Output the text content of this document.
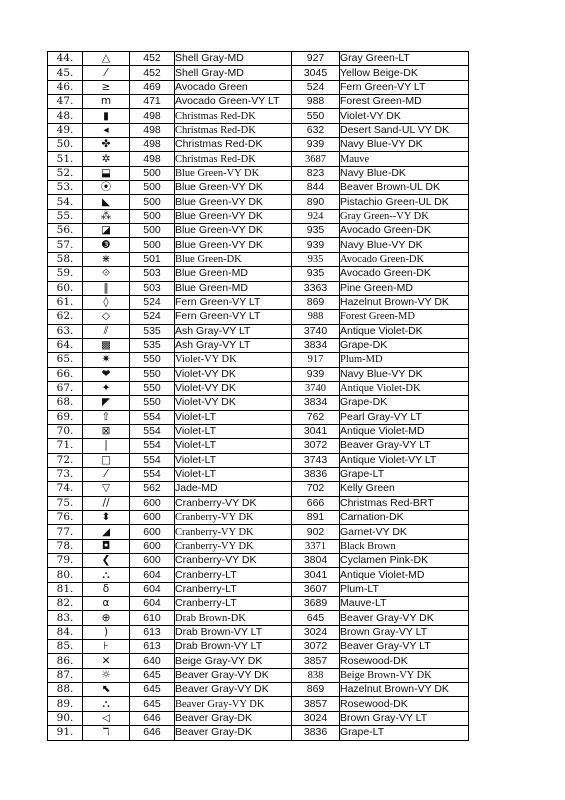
44.	△	452	Shell Gray-MD	927	Gray Green-LT
45.	⁄	452	Shell Gray-MD	3045	Yellow Beige-DK
46.	≥	469	Avocado Green	524	Fern Green-VY LT
47.	m	471	Avocado Green-VY LT	988	Forest Green-MD
48.	▮	498	Christmas Red-DK	550	Violet-VY DK
49.	◂	498	Christmas Red-DK	632	Desert Sand-UL VY DK
50.	✤	498	Christmas Red-DK	939	Navy Blue-VY DK
51.	✲	498	Christmas Red-DK	3687	Mauve
52.	⬓	500	Blue Green-VY DK	823	Navy Blue-DK
53.	⦿	500	Blue Green-VY DK	844	Beaver Brown-UL DK
54.	◣	500	Blue Green-VY DK	890	Pistachio Green-UL DK
55.	⁂	500	Blue Green-VY DK	924	Gray Green--VY DK
56.	◪	500	Blue Green-VY DK	935	Avocado Green-DK
57.	❸	500	Blue Green-VY DK	939	Navy Blue-VY DK
58.	⋇	501	Blue Green-DK	935	Avocado Green-DK
59.	⟐	503	Blue Green-MD	935	Avocado Green-DK
60.	‖	503	Blue Green-MD	3363	Pine Green-MD
61.	◊	524	Fern Green-VY LT	869	Hazelnut Brown-VY DK
62.	◇	524	Fern Green-VY LT	988	Forest Green-MD
63.	⫽	535	Ash Gray-VY LT	3740	Antique Violet-DK
64.	▩	535	Ash Gray-VY LT	3834	Grape-DK
65.	✷	550	Violet-VY DK	917	Plum-MD
66.	❤	550	Violet-VY DK	939	Navy Blue-VY DK
67.	✦	550	Violet-VY DK	3740	Antique Violet-DK
68.	◤	550	Violet-VY DK	3834	Grape-DK
69.	⇧	554	Violet-LT	762	Pearl Gray-VY LT
70.	⊠	554	Violet-LT	3041	Antique Violet-MD
71.	|	554	Violet-LT	3072	Beaver Gray-VY LT
72.	□	554	Violet-LT	3743	Antique Violet-VY LT
73.	⁄	554	Violet-LT	3836	Grape-LT
74.	▽	562	Jade-MD	702	Kelly Green
75.	//	600	Cranberry-VY DK	666	Christmas Red-BRT
76.	⬍	600	Cranberry-VY DK	891	Carnation-DK
77.	◢	600	Cranberry-VY DK	902	Garnet-VY DK
78.	◘	600	Cranberry-VY DK	3371	Black Brown
79.	❮	600	Cranberry-VY DK	3804	Cyclamen Pink-DK
80.	⛬	604	Cranberry-LT	3041	Antique Violet-MD
81.	δ	604	Cranberry-LT	3607	Plum-LT
82.	α	604	Cranberry-LT	3689	Mauve-LT
83.	⊕	610	Drab Brown-DK	645	Beaver Gray-VY DK
84.	)	613	Drab Brown-VY LT	3024	Brown Gray-VY LT
85.	⊦	613	Drab Brown-VY LT	3072	Beaver Gray-VY LT
86.	✕	640	Beige Gray-VY DK	3857	Rosewood-DK
87.	☼	645	Beaver Gray-VY DK	838	Beige Brown-VY DK
88.	⬉	645	Beaver Gray-VY DK	869	Hazelnut Brown-VY DK
89.	⛬	645	Beaver Gray-VY DK	3857	Rosewood-DK
90.	◁	646	Beaver Gray-DK	3024	Brown Gray-VY LT
91.	ℸ	646	Beaver Gray-DK	3836	Grape-LT
